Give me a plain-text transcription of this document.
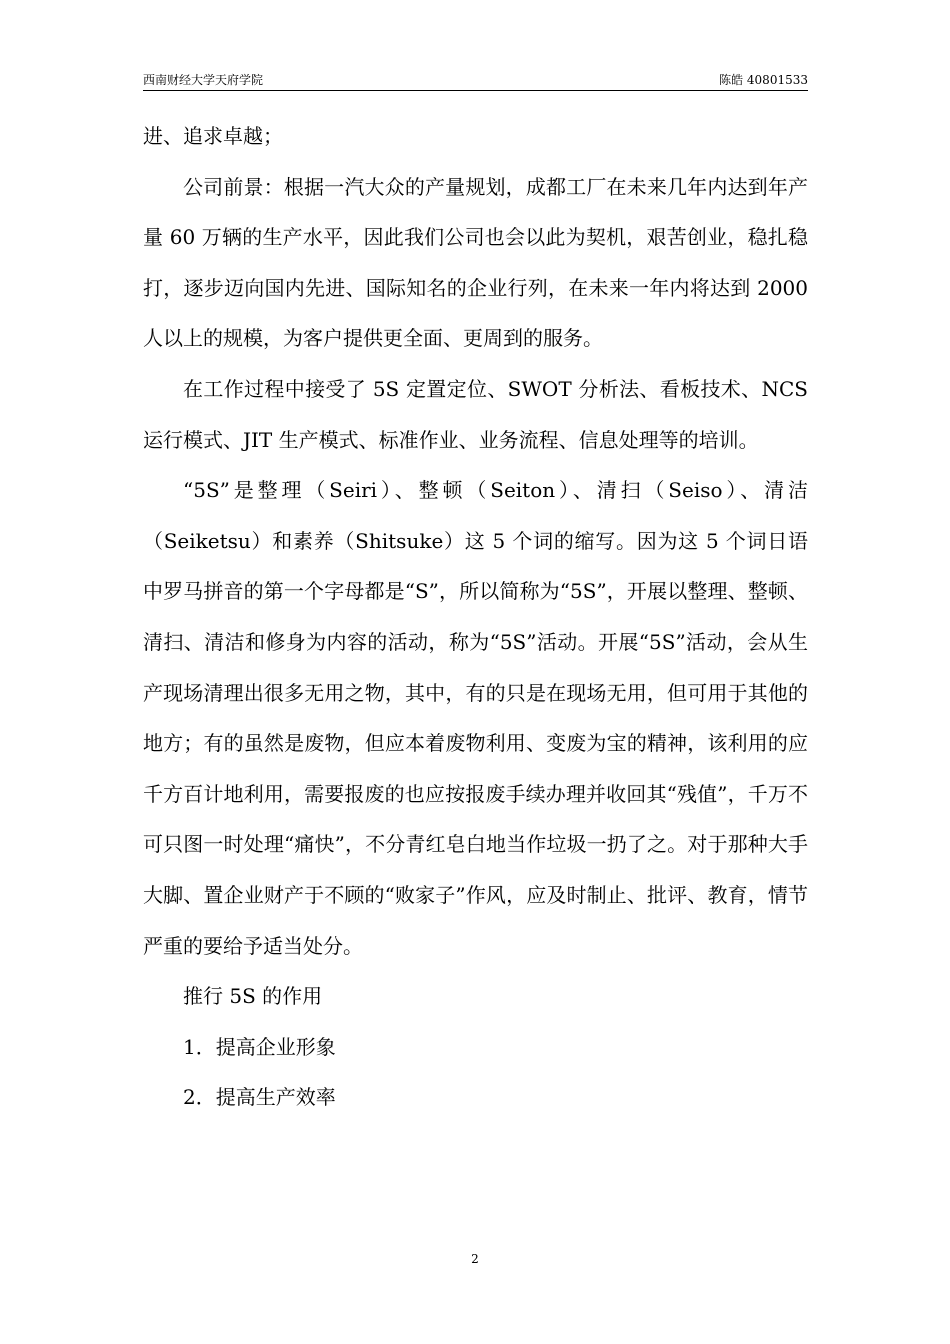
西南财经大学天府学院	陈皓 40801533

进、追求卓越；

公司前景：根据一汽大众的产量规划，成都工厂在未来几年内达到年产量 60 万辆的生产水平，因此我们公司也会以此为契机，艰苦创业，稳扎稳打，逐步迈向国内先进、国际知名的企业行列，在未来一年内将达到 2000 人以上的规模，为客户提供更全面、更周到的服务。

在工作过程中接受了 5S 定置定位、SWOT 分析法、看板技术、NCS 运行模式、JIT 生产模式、标准作业、业务流程、信息处理等的培训。

“5S”是整理（Seiri）、整顿（Seiton）、清扫（Seiso）、清洁（Seiketsu）和素养（Shitsuke）这 5 个词的缩写。因为这 5 个词日语中罗马拼音的第一个字母都是“S”，所以简称为“5S”，开展以整理、整顿、清扫、清洁和修身为内容的活动，称为“5S”活动。开展“5S”活动，会从生产现场清理出很多无用之物，其中，有的只是在现场无用，但可用于其他的地方；有的虽然是废物，但应本着废物利用、变废为宝的精神，该利用的应千方百计地利用，需要报废的也应按报废手续办理并收回其“残值”，千万不可只图一时处理“痛快”，不分青红皂白地当作垃圾一扔了之。对于那种大手大脚、置企业财产于不顾的“败家子”作风，应及时制止、批评、教育，情节严重的要给予适当处分。

推行 5S 的作用

1．提高企业形象

2．提高生产效率

2
